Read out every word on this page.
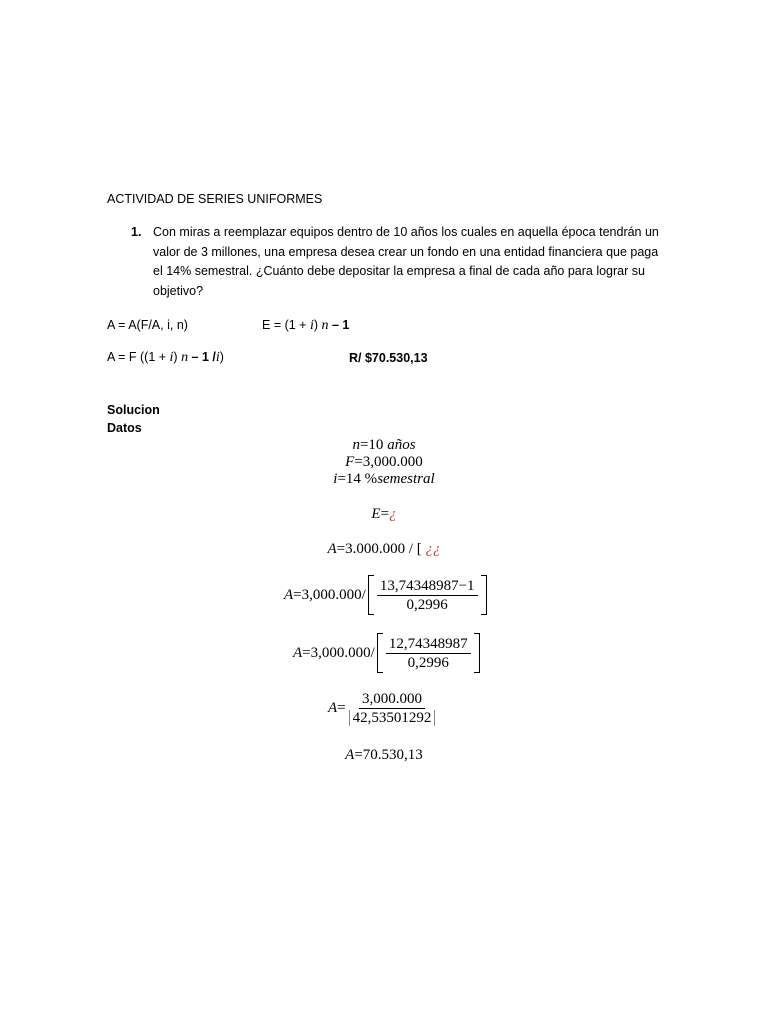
ACTIVIDAD DE SERIES UNIFORMES
1. Con miras a reemplazar equipos dentro de 10 años los cuales en aquella época tendrán un
valor de 3 millones, una empresa desea crear un fondo en una entidad financiera que paga
el 14% semestral. ¿Cuánto debe depositar la empresa a final de cada año para lograr su
objetivo?
A = A(F/A, i, n)	E = (1 + i) n – 1
A = F ((1 + i) n – 1 /i)	R/ $70.530,13
Solucion
Datos
n=10 años
F=3,000.000
i=14 %semestral
E=¿
A=3.000.000 / [ ¿¿
$A =3,000.000/ \frac{13,74348987-1}{0,2996}$
$A =3,000.000/ \frac{12,74348987}{0,2996}$
$A = \frac{3,000.000}{42,53501292}$
A=70.530,13
